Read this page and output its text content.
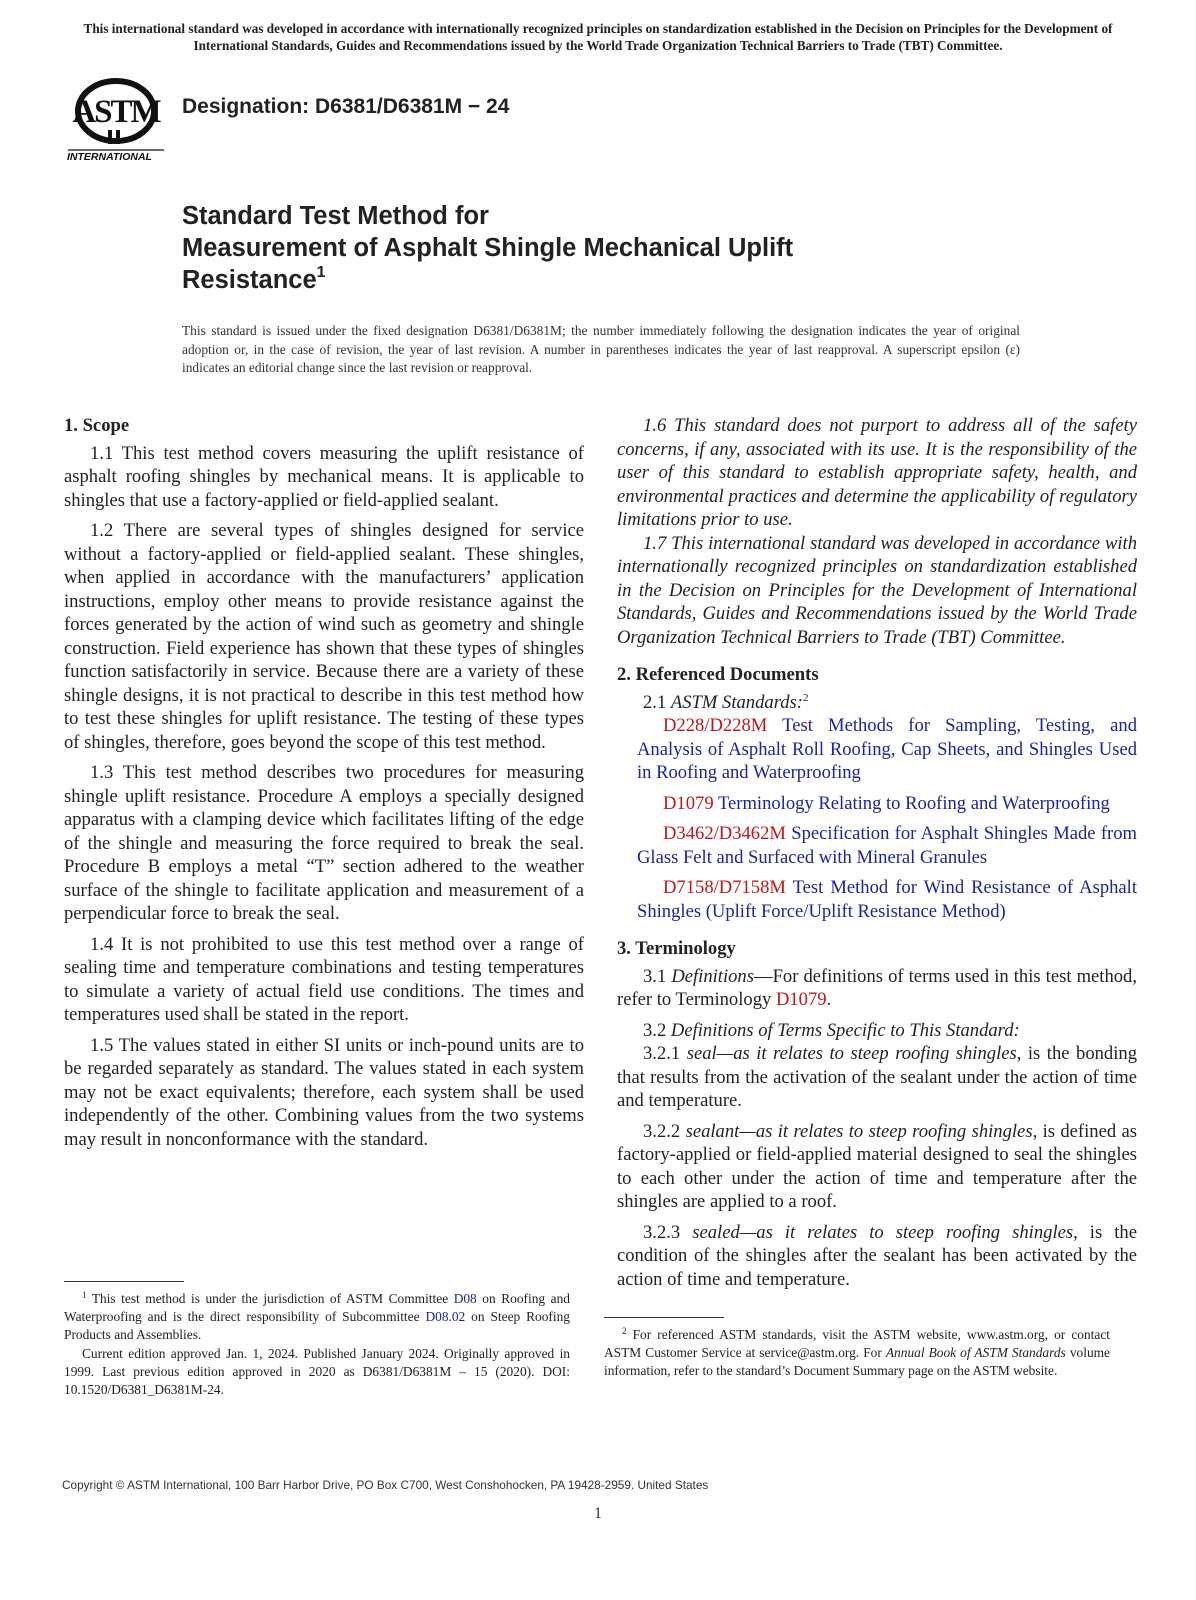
This international standard was developed in accordance with internationally recognized principles on standardization established in the Decision on Principles for the Development of International Standards, Guides and Recommendations issued by the World Trade Organization Technical Barriers to Trade (TBT) Committee.
ASTM
INTERNATIONAL
Designation: D6381/D6381M − 24
Standard Test Method for
Measurement of Asphalt Shingle Mechanical Uplift
Resistance$^1$
This standard is issued under the fixed designation D6381/D6381M; the number immediately following the designation indicates the year of original adoption or, in the case of revision, the year of last revision. A number in parentheses indicates the year of last reapproval. A superscript epsilon (ε) indicates an editorial change since the last revision or reapproval.
1. Scope

1.1 This test method covers measuring the uplift resistance of asphalt roofing shingles by mechanical means. It is applicable to shingles that use a factory-applied or field-applied sealant.

1.2 There are several types of shingles designed for service without a factory-applied or field-applied sealant. These shingles, when applied in accordance with the manufacturers’ application instructions, employ other means to provide resistance against the forces generated by the action of wind such as geometry and shingle construction. Field experience has shown that these types of shingles function satisfactorily in service. Because there are a variety of these shingle designs, it is not practical to describe in this test method how to test these shingles for uplift resistance. The testing of these types of shingles, therefore, goes beyond the scope of this test method.

1.3 This test method describes two procedures for measuring shingle uplift resistance. Procedure A employs a specially designed apparatus with a clamping device which facilitates lifting of the edge of the shingle and measuring the force required to break the seal. Procedure B employs a metal “T” section adhered to the weather surface of the shingle to facilitate application and measurement of a perpendicular force to break the seal.

1.4 It is not prohibited to use this test method over a range of sealing time and temperature combinations and testing temperatures to simulate a variety of actual field use conditions. The times and temperatures used shall be stated in the report.

1.5 The values stated in either SI units or inch-pound units are to be regarded separately as standard. The values stated in each system may not be exact equivalents; therefore, each system shall be used independently of the other. Combining values from the two systems may result in nonconformance with the standard.

1.6 This standard does not purport to address all of the safety concerns, if any, associated with its use. It is the responsibility of the user of this standard to establish appropriate safety, health, and environmental practices and determine the applicability of regulatory limitations prior to use.

1.7 This international standard was developed in accordance with internationally recognized principles on standardization established in the Decision on Principles for the Development of International Standards, Guides and Recommendations issued by the World Trade Organization Technical Barriers to Trade (TBT) Committee.

2. Referenced Documents

2.1 ASTM Standards:$^2$

D228/D228M Test Methods for Sampling, Testing, and Analysis of Asphalt Roll Roofing, Cap Sheets, and Shingles Used in Roofing and Waterproofing

D1079 Terminology Relating to Roofing and Waterproofing

D3462/D3462M Specification for Asphalt Shingles Made from Glass Felt and Surfaced with Mineral Granules

D7158/D7158M Test Method for Wind Resistance of Asphalt Shingles (Uplift Force/Uplift Resistance Method)

3. Terminology

3.1 Definitions—For definitions of terms used in this test method, refer to Terminology D1079.

3.2 Definitions of Terms Specific to This Standard:

3.2.1 seal—as it relates to steep roofing shingles, is the bonding that results from the activation of the sealant under the action of time and temperature.

3.2.2 sealant—as it relates to steep roofing shingles, is defined as factory-applied or field-applied material designed to seal the shingles to each other under the action of time and temperature after the shingles are applied to a roof.

3.2.3 sealed—as it relates to steep roofing shingles, is the condition of the shingles after the sealant has been activated by the action of time and temperature.

$^1$ This test method is under the jurisdiction of ASTM Committee D08 on Roofing and Waterproofing and is the direct responsibility of Subcommittee D08.02 on Steep Roofing Products and Assemblies.

Current edition approved Jan. 1, 2024. Published January 2024. Originally approved in 1999. Last previous edition approved in 2020 as D6381/D6381M – 15 (2020). DOI: 10.1520/D6381_D6381M-24.

$^2$ For referenced ASTM standards, visit the ASTM website, www.astm.org, or contact ASTM Customer Service at service@astm.org. For Annual Book of ASTM Standards volume information, refer to the standard’s Document Summary page on the ASTM website.

Copyright © ASTM International, 100 Barr Harbor Drive, PO Box C700, West Conshohocken, PA 19428-2959. United States
1
